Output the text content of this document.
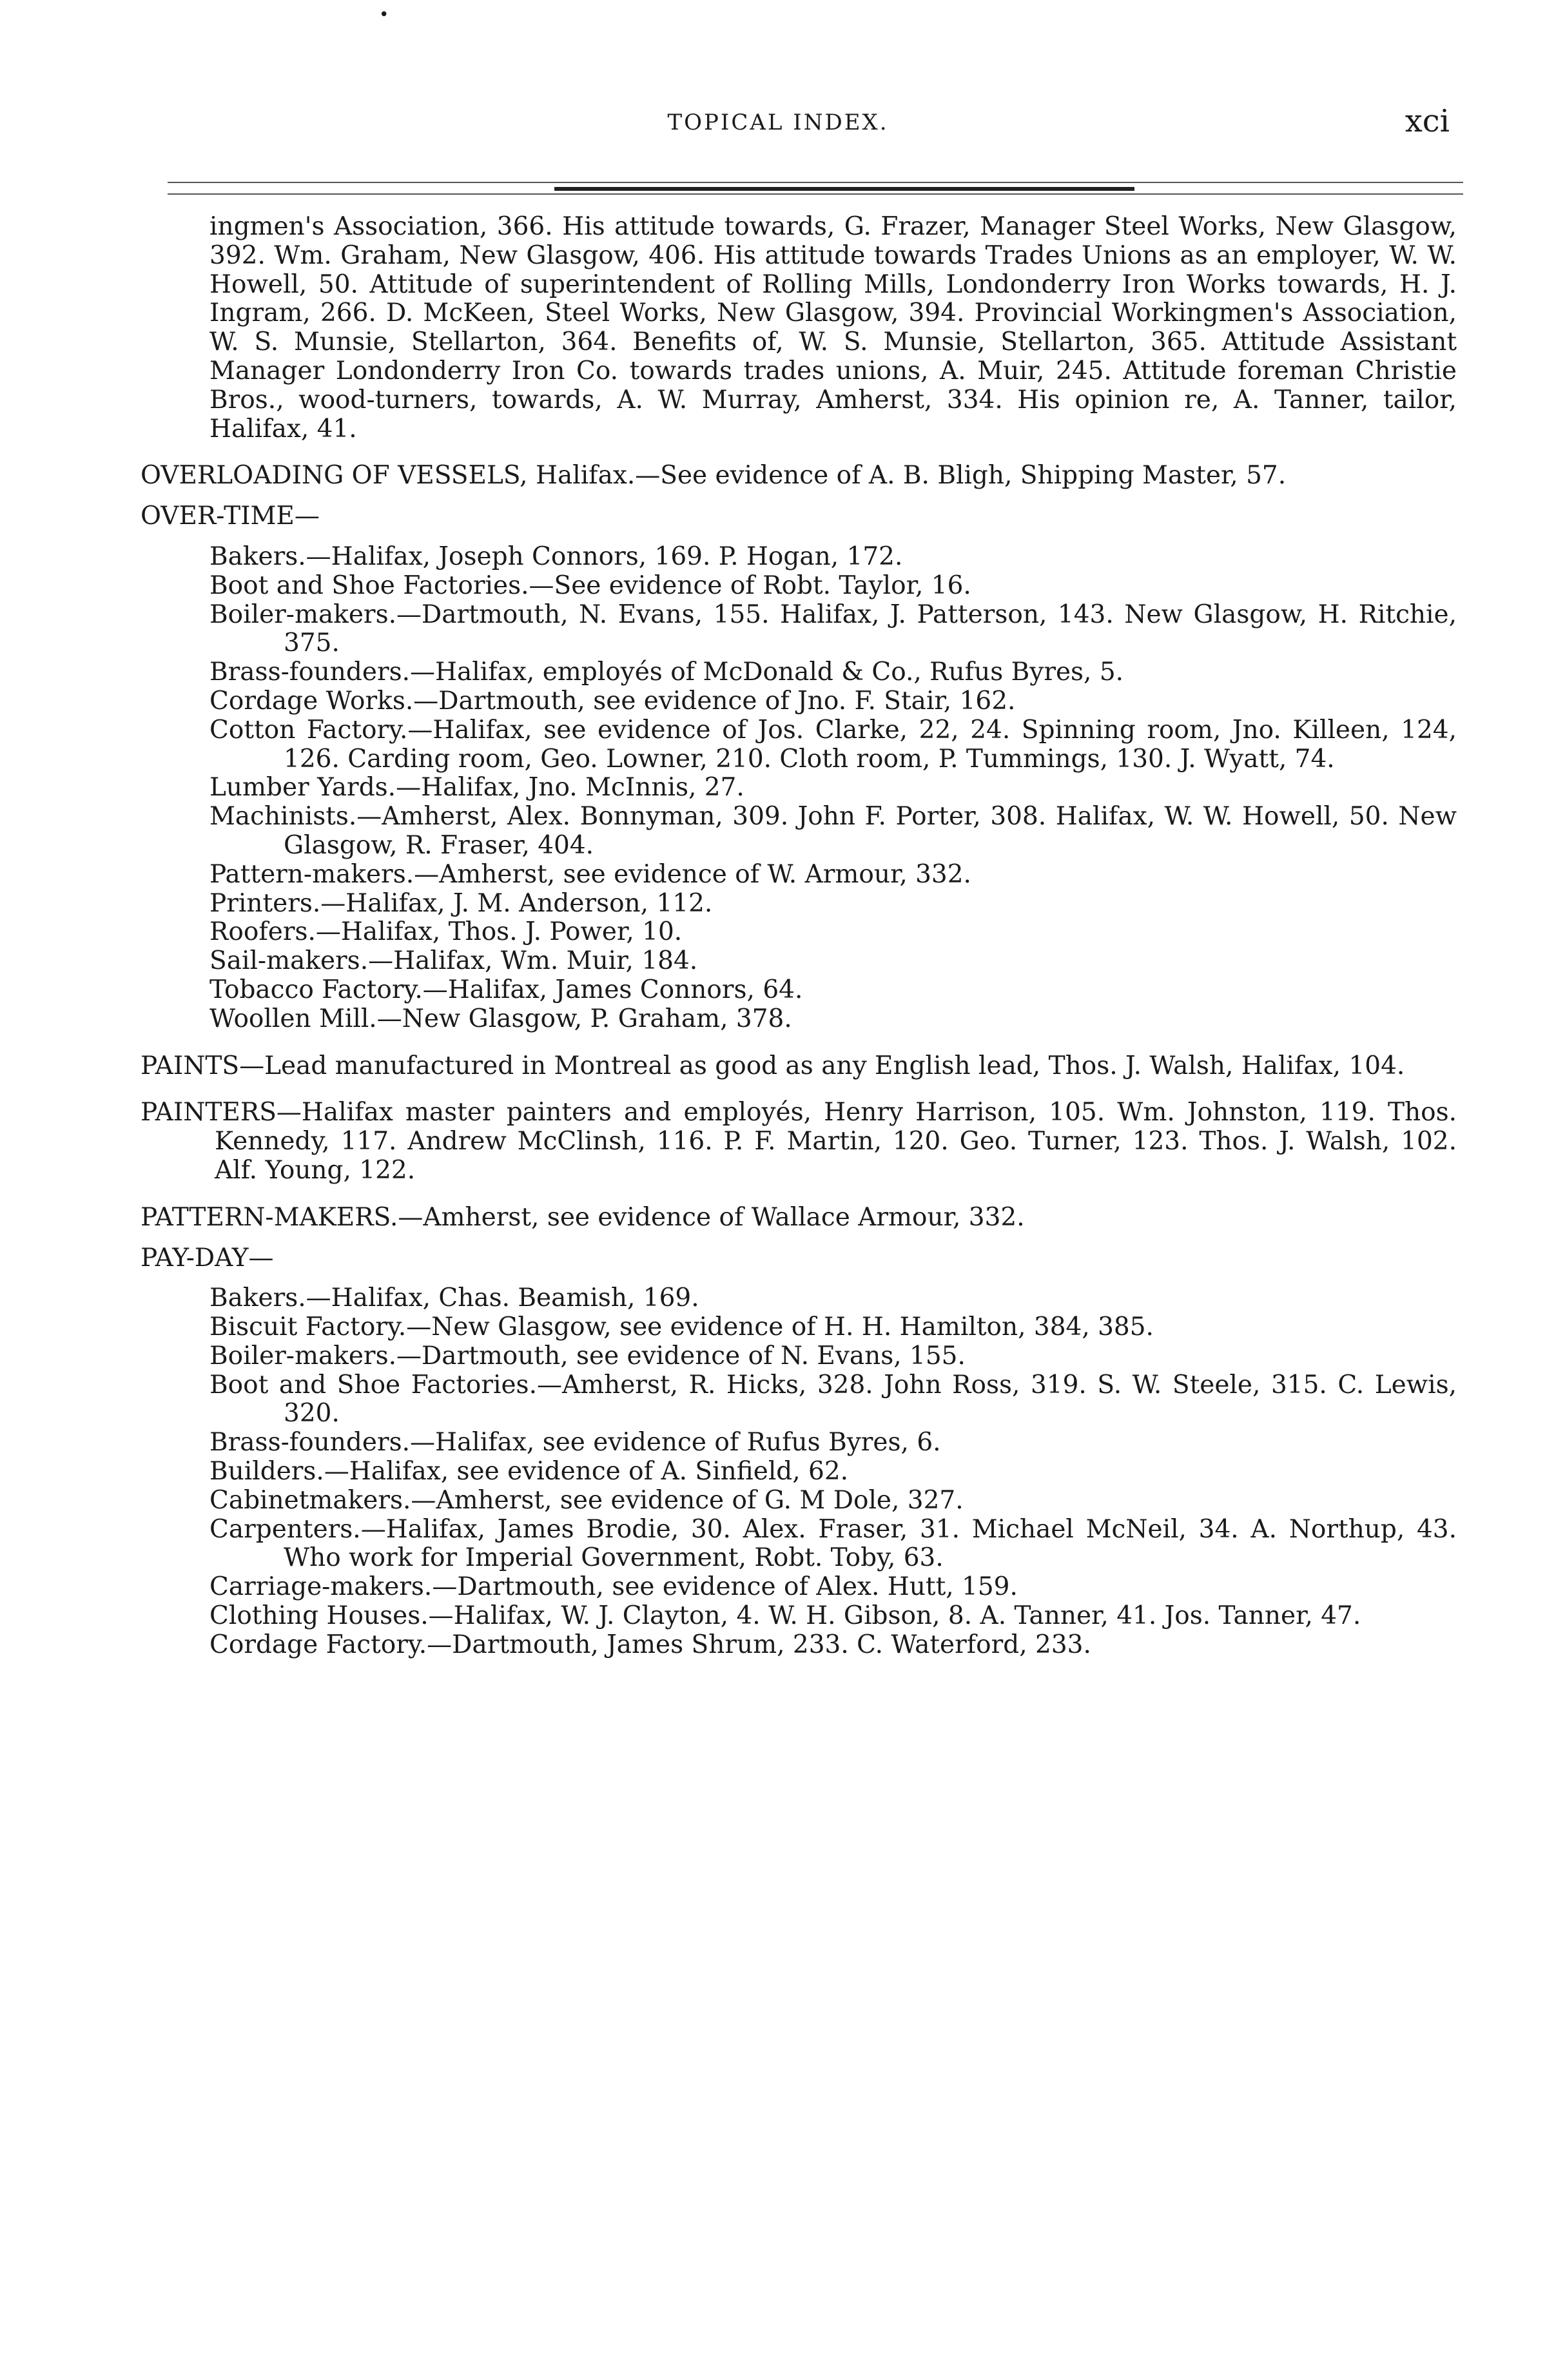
•
TOPICAL INDEX.	xci

ingmen's Association, 366. His attitude towards, G. Frazer, Manager Steel Works, New Glasgow, 392. Wm. Graham, New Glasgow, 406. His attitude towards Trades Unions as an employer, W. W. Howell, 50. Attitude of superintendent of Rolling Mills, Londonderry Iron Works towards, H. J. Ingram, 266. D. McKeen, Steel Works, New Glasgow, 394. Provincial Workingmen's Association, W. S. Munsie, Stellarton, 364. Benefits of, W. S. Munsie, Stellarton, 365. Attitude Assistant Manager Londonderry Iron Co. towards trades unions, A. Muir, 245. Attitude foreman Christie Bros., wood-turners, towards, A. W. Murray, Amherst, 334. His opinion re, A. Tanner, tailor, Halifax, 41.

OVERLOADING OF VESSELS, Halifax.—See evidence of A. B. Bligh, Shipping Master, 57.

OVER-TIME—

Bakers.—Halifax, Joseph Connors, 169. P. Hogan, 172.

Boot and Shoe Factories.—See evidence of Robt. Taylor, 16.

Boiler-makers.—Dartmouth, N. Evans, 155. Halifax, J. Patterson, 143. New Glasgow, H. Ritchie, 375.

Brass-founders.—Halifax, employés of McDonald & Co., Rufus Byres, 5.

Cordage Works.—Dartmouth, see evidence of Jno. F. Stair, 162.

Cotton Factory.—Halifax, see evidence of Jos. Clarke, 22, 24. Spinning room, Jno. Killeen, 124, 126. Carding room, Geo. Lowner, 210. Cloth room, P. Tummings, 130. J. Wyatt, 74.

Lumber Yards.—Halifax, Jno. McInnis, 27.

Machinists.—Amherst, Alex. Bonnyman, 309. John F. Porter, 308. Halifax, W. W. Howell, 50. New Glasgow, R. Fraser, 404.

Pattern-makers.—Amherst, see evidence of W. Armour, 332.

Printers.—Halifax, J. M. Anderson, 112.

Roofers.—Halifax, Thos. J. Power, 10.

Sail-makers.—Halifax, Wm. Muir, 184.

Tobacco Factory.—Halifax, James Connors, 64.

Woollen Mill.—New Glasgow, P. Graham, 378.

PAINTS—Lead manufactured in Montreal as good as any English lead, Thos. J. Walsh, Halifax, 104.

PAINTERS—Halifax master painters and employés, Henry Harrison, 105. Wm. Johnston, 119. Thos. Kennedy, 117. Andrew McClinsh, 116. P. F. Martin, 120. Geo. Turner, 123. Thos. J. Walsh, 102. Alf. Young, 122.

PATTERN-MAKERS.—Amherst, see evidence of Wallace Armour, 332.

PAY-DAY—

Bakers.—Halifax, Chas. Beamish, 169.

Biscuit Factory.—New Glasgow, see evidence of H. H. Hamilton, 384, 385.

Boiler-makers.—Dartmouth, see evidence of N. Evans, 155.

Boot and Shoe Factories.—Amherst, R. Hicks, 328. John Ross, 319. S. W. Steele, 315. C. Lewis, 320.

Brass-founders.—Halifax, see evidence of Rufus Byres, 6.

Builders.—Halifax, see evidence of A. Sinfield, 62.

Cabinetmakers.—Amherst, see evidence of G. M Dole, 327.

Carpenters.—Halifax, James Brodie, 30. Alex. Fraser, 31. Michael McNeil, 34. A. Northup, 43. Who work for Imperial Government, Robt. Toby, 63.

Carriage-makers.—Dartmouth, see evidence of Alex. Hutt, 159.

Clothing Houses.—Halifax, W. J. Clayton, 4. W. H. Gibson, 8. A. Tanner, 41. Jos. Tanner, 47.

Cordage Factory.—Dartmouth, James Shrum, 233. C. Waterford, 233.
